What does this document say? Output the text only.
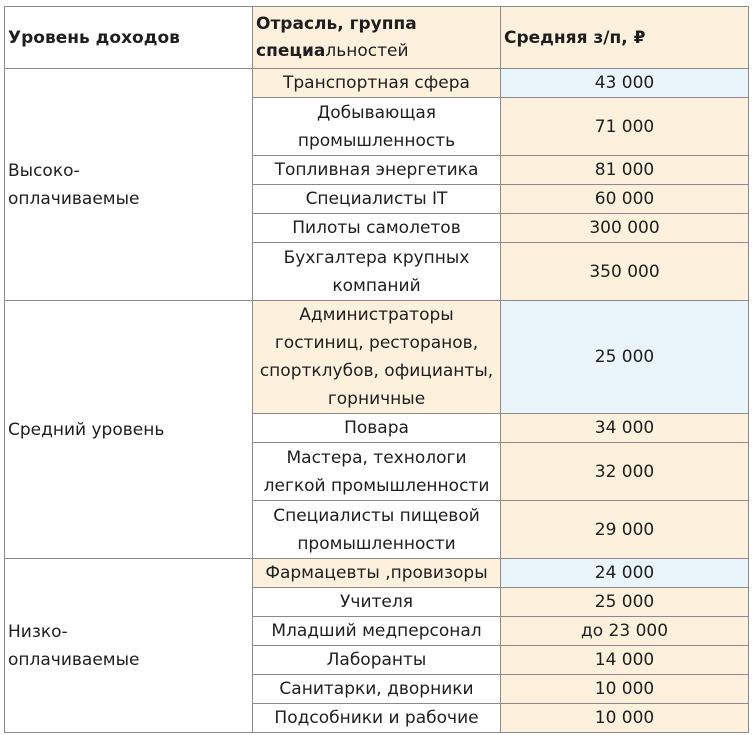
Уровень доходов	Отрасль, группа специальностей	Средняя з/п, ₽
Высоко-
оплачиваемые	Транспортная сфера	43 000
	Добывающая промышленность	71 000
	Топливная энергетика	81 000
	Специалисты IT	60 000
	Пилоты самолетов	300 000
	Бухгалтера крупных компаний	350 000
Средний уровень	Администраторы гостиниц, ресторанов, спортклубов, официанты, горничные	25 000
	Повара	34 000
	Мастера, технологи легкой промышленности	32 000
	Специалисты пищевой промышленности	29 000
Низко-
оплачиваемые	Фармацевты ,провизоры	24 000
	Учителя	25 000
	Младший медперсонал	до 23 000
	Лаборанты	14 000
	Санитарки, дворники	10 000
	Подсобники и рабочие	10 000
